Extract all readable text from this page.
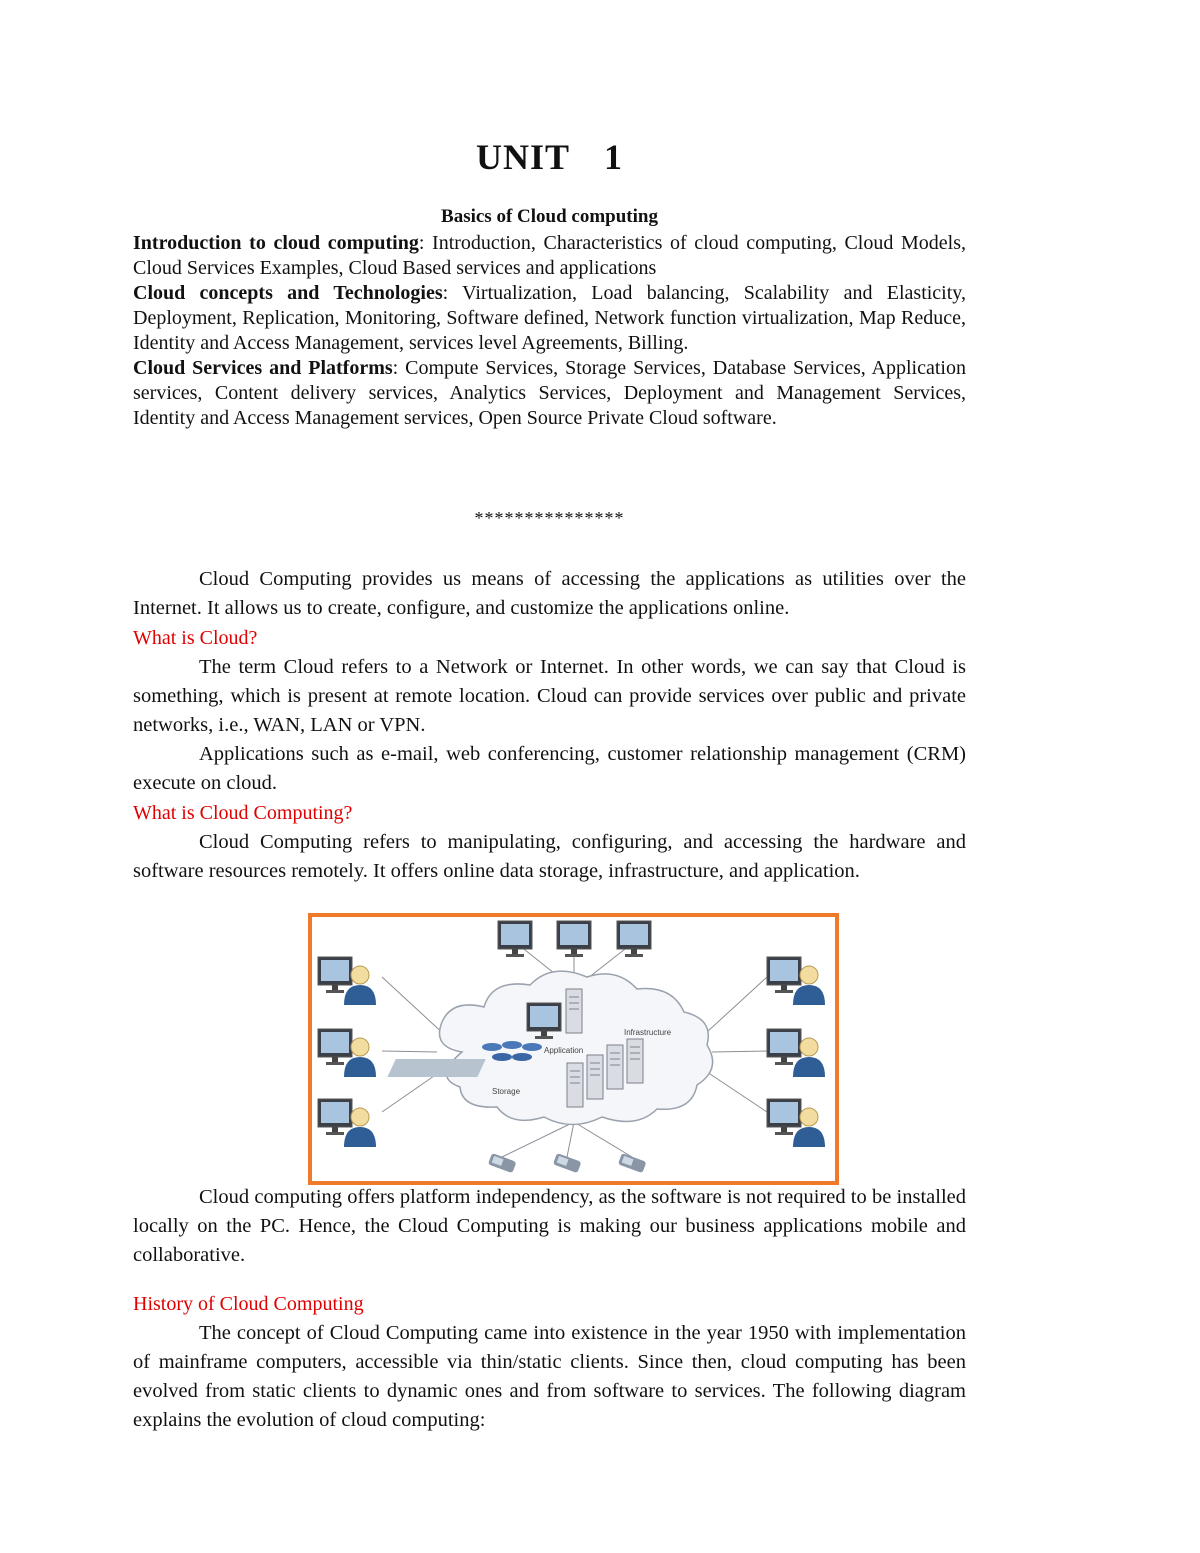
UNIT 1
Basics of Cloud computing

Introduction to cloud computing: Introduction, Characteristics of cloud computing, Cloud Models, Cloud Services Examples, Cloud Based services and applications

Cloud concepts and Technologies: Virtualization, Load balancing, Scalability and Elasticity, Deployment, Replication, Monitoring, Software defined, Network function virtualization, Map Reduce, Identity and Access Management, services level Agreements, Billing.

Cloud Services and Platforms: Compute Services, Storage Services, Database Services, Application services, Content delivery services, Analytics Services, Deployment and Management Services, Identity and Access Management services, Open Source Private Cloud software.

***************

Cloud Computing provides us means of accessing the applications as utilities over the Internet. It allows us to create, configure, and customize the applications online.

What is Cloud?

The term Cloud refers to a Network or Internet. In other words, we can say that Cloud is something, which is present at remote location. Cloud can provide services over public and private networks, i.e., WAN, LAN or VPN.

Applications such as e-mail, web conferencing, customer relationship management (CRM) execute on cloud.

What is Cloud Computing?

Cloud Computing refers to manipulating, configuring, and accessing the hardware and software resources remotely. It offers online data storage, infrastructure, and application.

Application
Infrastructure
Storage

Cloud computing offers platform independency, as the software is not required to be installed locally on the PC. Hence, the Cloud Computing is making our business applications mobile and collaborative.

History of Cloud Computing

The concept of Cloud Computing came into existence in the year 1950 with implementation of mainframe computers, accessible via thin/static clients. Since then, cloud computing has been evolved from static clients to dynamic ones and from software to services. The following diagram explains the evolution of cloud computing:
